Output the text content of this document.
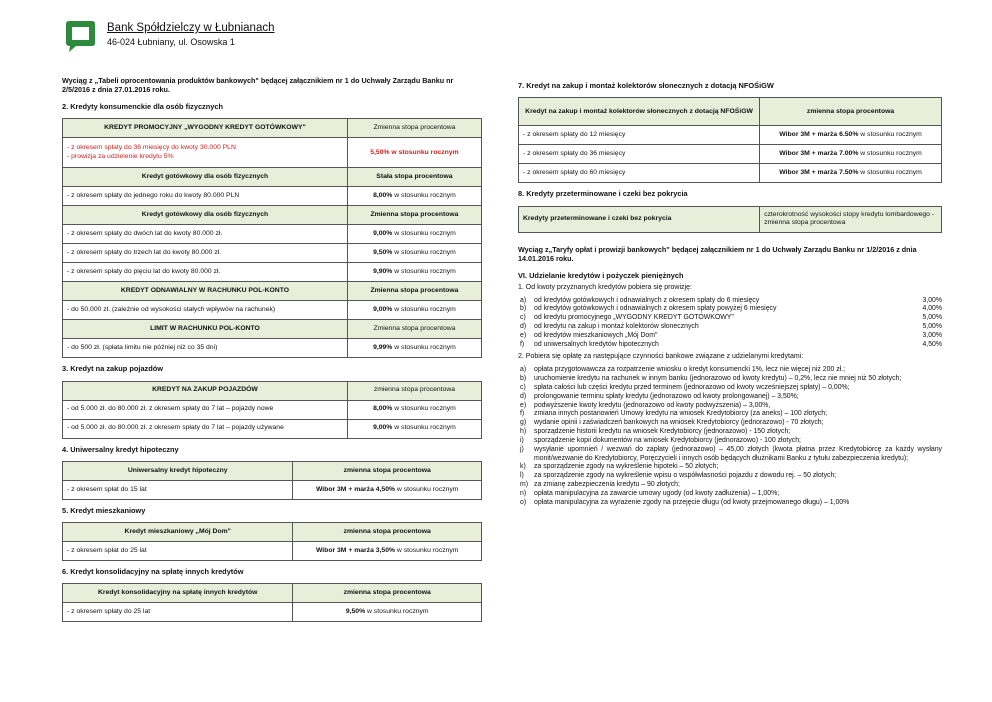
Bank Spółdzielczy w Łubnianach
46-024 Łubniany, ul. Osowska 1
Wyciąg z „Tabeli oprocentowania produktów bankowych" będącej załącznikiem nr 1 do Uchwały Zarządu Banku nr 2/5/2016 z dnia 27.01.2016 roku.
2. Kredyty konsumenckie dla osób fizycznych
KREDYT PROMOCYJNY „WYGODNY KREDYT GOTÓWKOWY"	Zmienna stopa procentowa

- z okresem spłaty do 36 miesięcy do kwoty 30.000 PLN
- prowizja za udzielenie kredytu 5%	5,50% w stosunku rocznym
Kredyt gotówkowy dla osób fizycznych	Stała stopa procentowa
- z okresem spłaty do jednego roku do kwoty 80.000 PLN	8,00% w stosunku rocznym
Kredyt gotówkowy dla osób fizycznych	Zmienna stopa procentowa
- z okresem spłaty do dwóch lat do kwoty 80.000 zł.	9,00% w stosunku rocznym
- z okresem spłaty do trzech lat do kwoty 80.000 zł.	9,50% w stosunku rocznym
- z okresem spłaty do pięciu lat do kwoty 80.000 zł.	9,90% w stosunku rocznym
KREDYT ODNAWIALNY W RACHUNKU POL-KONTO	Zmienna stopa procentowa
- do 50.000 zł. (zależnie od wysokości stałych wpływów na rachunek)	9,00% w stosunku rocznym
LIMIT W RACHUNKU POL-KONTO	Zmienna stopa procentowa
- do 500 zł. (spłata limitu nie później niż co 35 dni)	9,99% w stosunku rocznym
3. Kredyt na zakup pojazdów
KREDYT NA ZAKUP POJAZDÓW	zmienna stopa procentowa
- od 5.000 zł. do 80.000 zł. z okresem spłaty do 7 lat – pojazdy nowe	8,00% w stosunku rocznym
- od 5.000 zł. do 80.000 zł. z okresem spłaty do 7 lat – pojazdy używane	9,00% w stosunku rocznym
4. Uniwersalny kredyt hipoteczny
Uniwersalny kredyt hipoteczny	zmienna stopa procentowa
- z okresem spłat do 15 lat	Wibor 3M + marża 4,50% w stosunku rocznym
5. Kredyt mieszkaniowy
Kredyt mieszkaniowy „Mój Dom"	zmienna stopa procentowa
- z okresem spłat do 25 lat	Wibor 3M + marża 3,50% w stosunku rocznym
6. Kredyt konsolidacyjny na spłatę innych kredytów
Kredyt konsolidacyjny na spłatę innych kredytów	zmienna stopa procentowa
- z okresem spłaty do 25 lat	9,50% w stosunku rocznym
7. Kredyt na zakup i montaż kolektorów słonecznych z dotacją NFOŚiGW
Kredyt na zakup i montaż kolektorów słonecznych z dotacją NFOŚiGW	zmienna stopa procentowa
- z okresem spłaty do 12 miesięcy	Wibor 3M + marża 6.50% w stosunku rocznym
- z okresem spłaty do 36 miesięcy	Wibor 3M + marża 7.00% w stosunku rocznym
- z okresem spłaty do 60 miesięcy	Wibor 3M + marża 7.50% w stosunku rocznym
8. Kredyty przeterminowane i czeki bez pokrycia
Kredyty przeterminowane i czeki bez pokrycia	czterokrotność wysokości stopy kredytu lombardowego - zmienna stopa procentowa
Wyciąg z„Taryfy opłat i prowizji bankowych" będącej załącznikiem nr 1 do Uchwały Zarządu Banku nr 1/2/2016 z dnia 14.01.2016 roku.
VI. Udzielanie kredytów i pożyczek pieniężnych
1. Od kwoty przyznanych kredytów pobiera się prowizję:
a)	od kredytów gotówkowych i odnawialnych z okresem spłaty do 6 miesięcy	3,00%
b)	od kredytów gotówkowych i odnawialnych z okresem spłaty powyżej 6 miesięcy	4,00%
c)	od kredytu promocyjnego „WYGODNY KREDYT GOTÓWKOWY"	5,00%
d)	od kredytu na zakup i montaż kolektorów słonecznych	5,00%
e)	od kredytów mieszkaniowych „Mój Dom"	3,00%
f)	od uniwersalnych kredytów hipotecznych	4,50%
2. Pobiera się opłatę za następujące czynności bankowe związane z udzielanymi kredytami:
a)	opłata przygotowawcza za rozpatrzenie wniosku o kredyt konsumencki 1%, lecz nie więcej niż 200 zł.;
b)	uruchomienie kredytu na rachunek w innym banku (jednorazowo od kwoty kredytu) – 0,2%, lecz nie mniej niż 50 złotych;
c)	spłata całości lub części kredytu przed terminem (jednorazowo od kwoty wcześniejszej spłaty) – 0,00%;
d)	prolongowanie terminu spłaty kredytu (jednorazowo od kwoty prolongowanej) – 3,50%;
e)	podwyższenie kwoty kredytu (jednorazowo od kwoty podwyższenia) – 3,00%,
f)	zmiana innych postanowień Umowy kredytu na wniosek Kredytobiorcy (za aneks) – 100 złotych;
g)	wydanie opinii i zaświadczeń bankowych na wniosek Kredytobiorcy (jednorazowo) - 70 złotych;
h)	sporządzenie historii kredytu na wniosek Kredytobiorcy (jednorazowo) - 150 złotych;
i)	sporządzenie kopii dokumentów na wniosek Kredytobiorcy (jednorazowo) - 100 złotych;
j)	wysyłanie upomnień / wezwań do zapłaty (jednorazowo) – 45,00 złotych (kwota płatna przez Kredytobiorcę za każdy wysłany monit/wezwanie do Kredytobiorcy, Poręczycieli i innych osób będących dłużnikami Banku z tytułu zabezpieczenia kredytu);
k)	za sporządzenie zgody na wykreślenie hipoteki – 50 złotych;
l)	za sporządzenie zgody na wykreślenie wpisu o współwłasności pojazdu z dowodu rej. – 50 złotych;
m) za zmianę zabezpieczenia kredytu – 90 złotych;
n)	opłata manipulacyjna za zawarcie umowy ugody (od kwoty zadłużenia) – 1,00%;
o)	opłata manipulacyjna za wyrażenie zgody na przejęcie długu (od kwoty przejmowanego długu) – 1,00%
